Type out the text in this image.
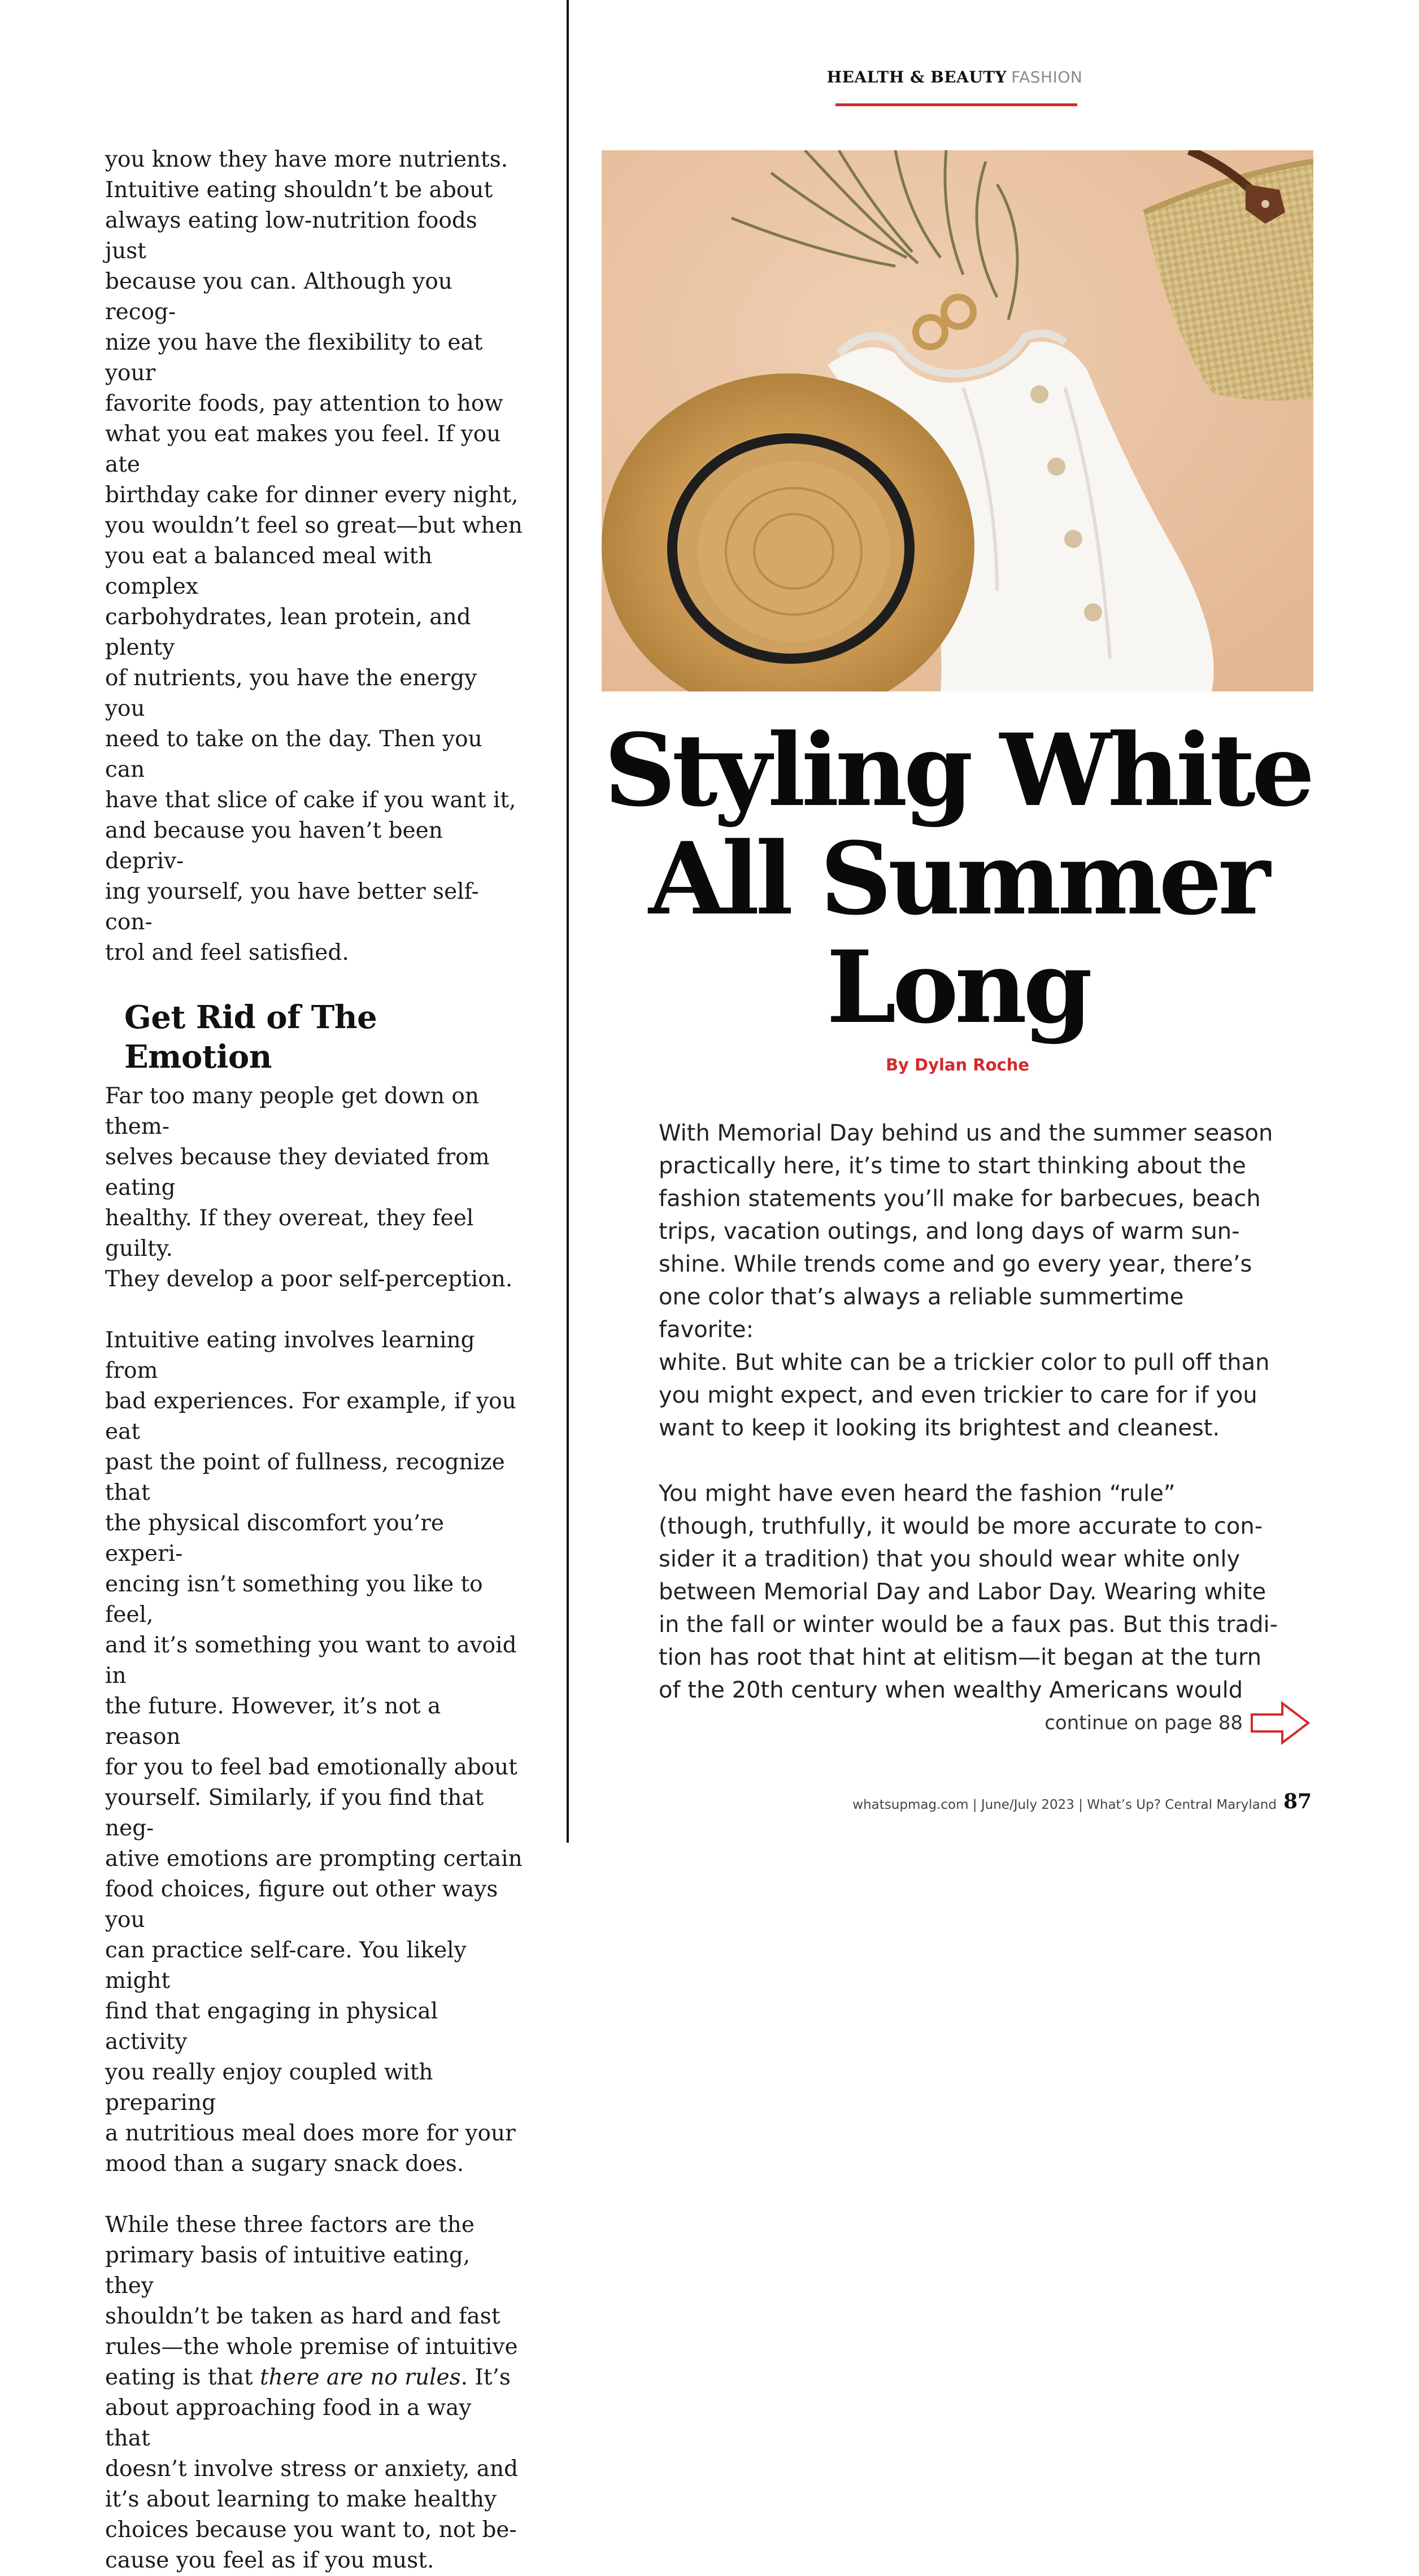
you know they have more nutrients.
Intuitive eating shouldn’t be about
always eating low-nutrition foods just
because you can. Although you recog-
nize you have the flexibility to eat your
favorite foods, pay attention to how
what you eat makes you feel. If you ate
birthday cake for dinner every night,
you wouldn’t feel so great—but when
you eat a balanced meal with complex
carbohydrates, lean protein, and plenty
of nutrients, you have the energy you
need to take on the day. Then you can
have that slice of cake if you want it,
and because you haven’t been depriv-
ing yourself, you have better self-con-
trol and feel satisfied.

Get Rid of The Emotion

Far too many people get down on them-
selves because they deviated from eating
healthy. If they overeat, they feel guilty.
They develop a poor self-perception.

Intuitive eating involves learning from
bad experiences. For example, if you eat
past the point of fullness, recognize that
the physical discomfort you’re experi-
encing isn’t something you like to feel,
and it’s something you want to avoid in
the future. However, it’s not a reason
for you to feel bad emotionally about
yourself. Similarly, if you find that neg-
ative emotions are prompting certain
food choices, figure out other ways you
can practice self-care. You likely might
find that engaging in physical activity
you really enjoy coupled with preparing
a nutritious meal does more for your
mood than a sugary snack does.

While these three factors are the
primary basis of intuitive eating, they
shouldn’t be taken as hard and fast
rules—the whole premise of intuitive
eating is that there are no rules. It’s
about approaching food in a way that
doesn’t involve stress or anxiety, and
it’s about learning to make healthy
choices because you want to, not be-
cause you feel as if you must.

HEALTH & BEAUTY FASHION
Styling White
All Summer
Long
By Dylan Roche

With Memorial Day behind us and the summer season
practically here, it’s time to start thinking about the
fashion statements you’ll make for barbecues, beach
trips, vacation outings, and long days of warm sun-
shine. While trends come and go every year, there’s
one color that’s always a reliable summertime favorite:
white. But white can be a trickier color to pull off than
you might expect, and even trickier to care for if you
want to keep it looking its brightest and cleanest.

You might have even heard the fashion “rule”
(though, truthfully, it would be more accurate to con-
sider it a tradition) that you should wear white only
between Memorial Day and Labor Day. Wearing white
in the fall or winter would be a faux pas. But this tradi-
tion has root that hint at elitism—it began at the turn
of the 20th century when wealthy Americans would

continue on page 88
whatsupmag.com | June/July 2023 | What’s Up? Central Maryland 87
